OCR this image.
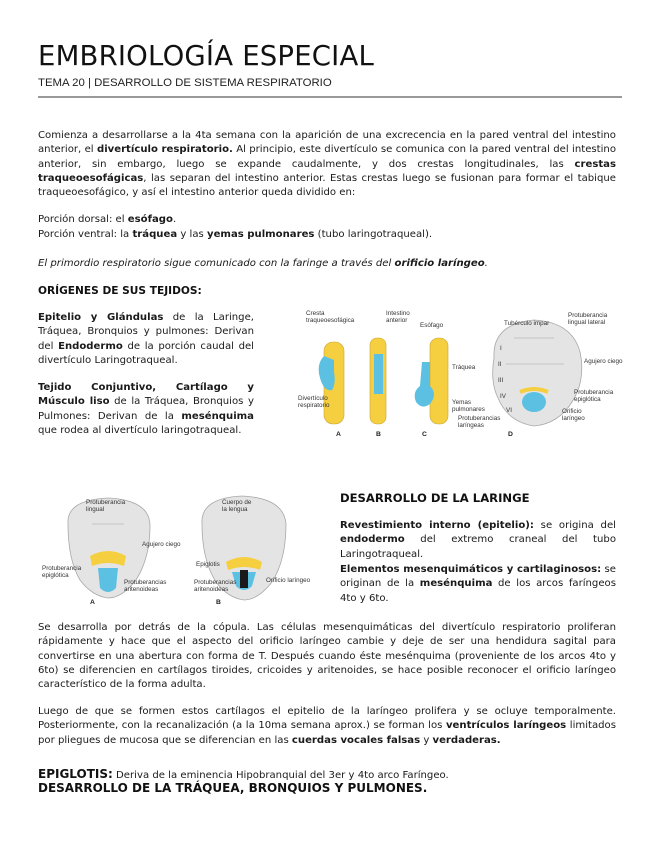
EMBRIOLOGÍA ESPECIAL
TEMA 20 | DESARROLLO DE SISTEMA RESPIRATORIO

Comienza a desarrollarse a la 4ta semana con la aparición de una excrecencia en la pared ventral del intestino anterior, el divertículo respiratorio. Al principio, este divertículo se comunica con la pared ventral del intestino anterior, sin embargo, luego se expande caudalmente, y dos crestas longitudinales, las crestas traqueoesofágicas, las separan del intestino anterior. Estas crestas luego se fusionan para formar el tabique traqueoesofágico, y así el intestino anterior queda dividido en:

Porción dorsal: el esófago.

Porción ventral: la tráquea y las yemas pulmonares (tubo laringotraqueal).

El primordio respiratorio sigue comunicado con la faringe a través del orificio laríngeo.

ORÍGENES DE SUS TEJIDOS:

Epitelio y Glándulas de la Laringe, Tráquea, Bronquios y pulmones: Derivan del Endodermo de la porción caudal del divertículo Laringotraqueal.

Tejido Conjuntivo, Cartílago y Músculo liso de la Tráquea, Bronquios y Pulmones: Derivan de la mesénquima que rodea al divertículo laringotraqueal.

Cresta
traqueoesofágica
Intestino
anterior
Esófago
Tráquea
Divertículo
respiratorio	Yemas
pulmonares
Tubérculo impar
Protuberancia
lingual lateral
Agujero ciego
Protuberancia
epiglótica
Orificio
laríngeo
Protuberancias
laríngeas
A	B	C	D
I
II
III
IV
VI
Protuberancia
lingual
Cuerpo de
la lengua
Agujero ciego
Epiglotis
Protuberancia
epiglótica
Protuberancias
aritenoideas
Orificio laríngeo
Protuberancias
aritenoideas
A	B
DESARROLLO DE LA LARINGE

Revestimiento interno (epitelio): se origina del endodermo del extremo craneal del tubo Laringotraqueal.

Elementos mesenquimáticos y cartilaginosos: se originan de la mesénquima de los arcos faríngeos 4to y 6to.

Se desarrolla por detrás de la cópula. Las células mesenquimáticas del divertículo respiratorio proliferan rápidamente y hace que el aspecto del orificio laríngeo cambie y deje de ser una hendidura sagital para convertirse en una abertura con forma de T. Después cuando éste mesénquima (proveniente de los arcos 4to y 6to) se diferencien en cartílagos tiroides, cricoides y aritenoides, se hace posible reconocer el orificio laríngeo característico de la forma adulta.

Luego de que se formen estos cartílagos el epitelio de la laríngeo prolifera y se ocluye temporalmente. Posteriormente, con la recanalización (a la 10ma semana aprox.) se forman los ventrículos laríngeos limitados por pliegues de mucosa que se diferencian en las cuerdas vocales falsas y verdaderas.

EPIGLOTIS: Deriva de la eminencia Hipobranquial del 3er y 4to arco Faríngeo.
DESARROLLO DE LA TRÁQUEA, BRONQUIOS Y PULMONES.
